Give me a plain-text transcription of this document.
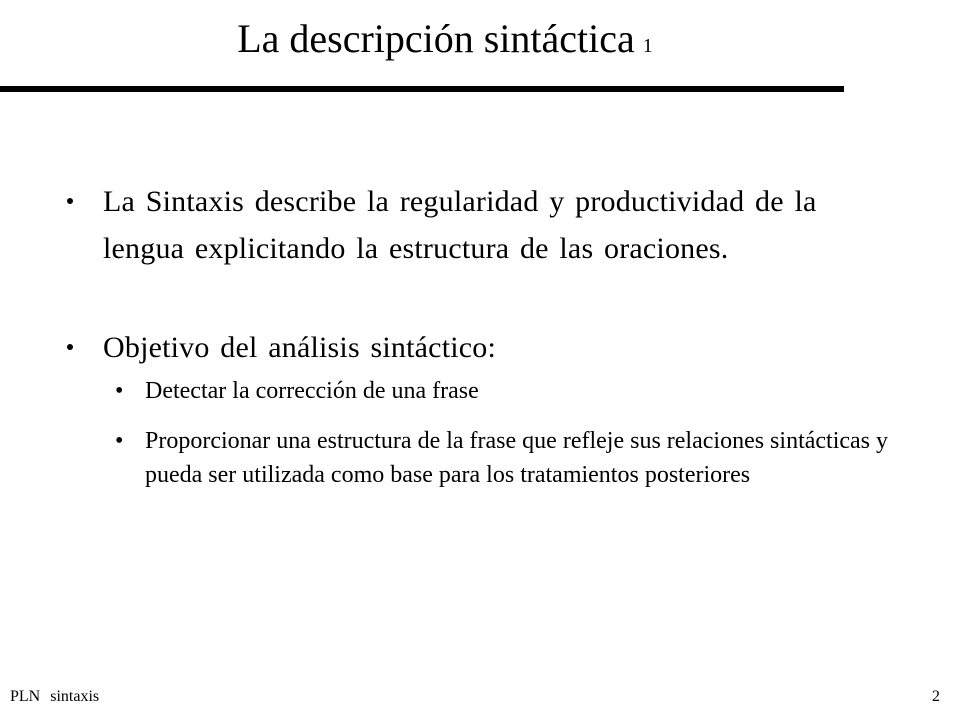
La descripción sintáctica 1
La Sintaxis describe la regularidad y productividad de la lengua explicitando la estructura de las oraciones.
Objetivo del análisis sintáctico:
• Detectar la corrección de una frase
• Proporcionar una estructura de la frase que refleje sus relaciones sintácticas y pueda ser utilizada como base para los tratamientos posteriores
PLN sintaxis	2
